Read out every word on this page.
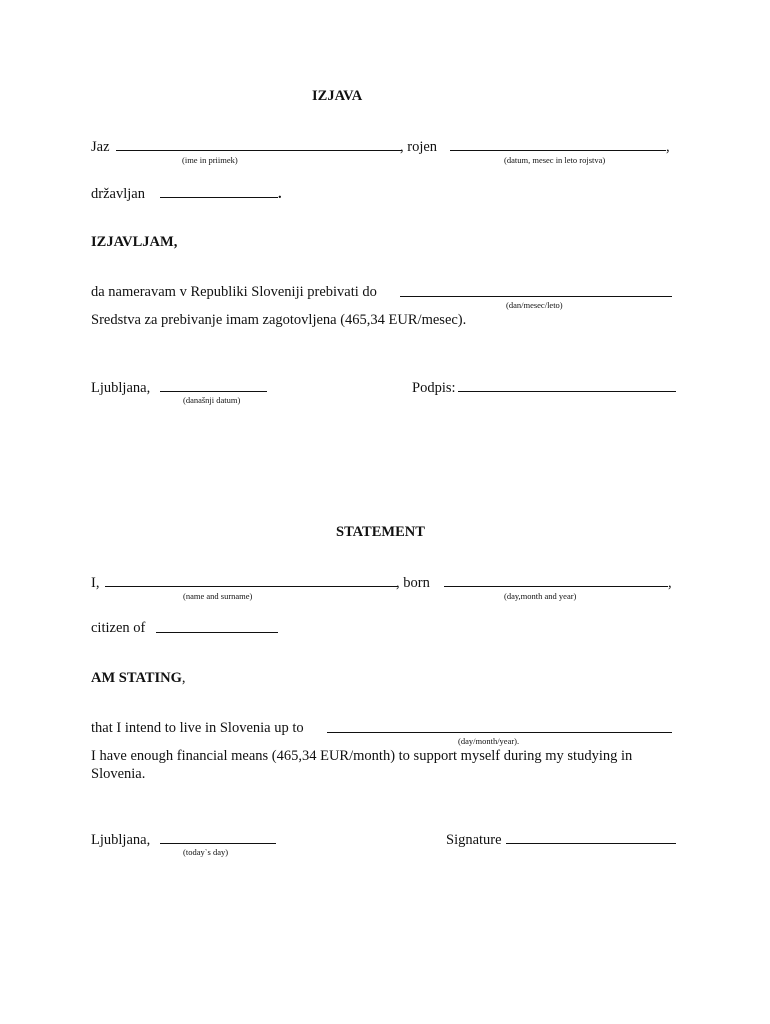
IZJAVA
Jaz	, rojen	,
(ime in priimek)	(datum, mesec in leto rojstva)
državljan	.
IZJAVLJAM,
da nameravam v Republiki Sloveniji prebivati do
(dan/mesec/leto)
Sredstva za prebivanje imam zagotovljena (465,34 EUR/mesec).
Ljubljana,
(današnji datum)
Podpis:
STATEMENT
I,	, born	,
(name and surname)	(day,month and year)
citizen of
AM STATING,
that I intend to live in Slovenia up to
(day/month/year).
I have enough financial means (465,34 EUR/month) to support myself during my studying in
Slovenia.
Ljubljana,
(today`s day)
Signature
